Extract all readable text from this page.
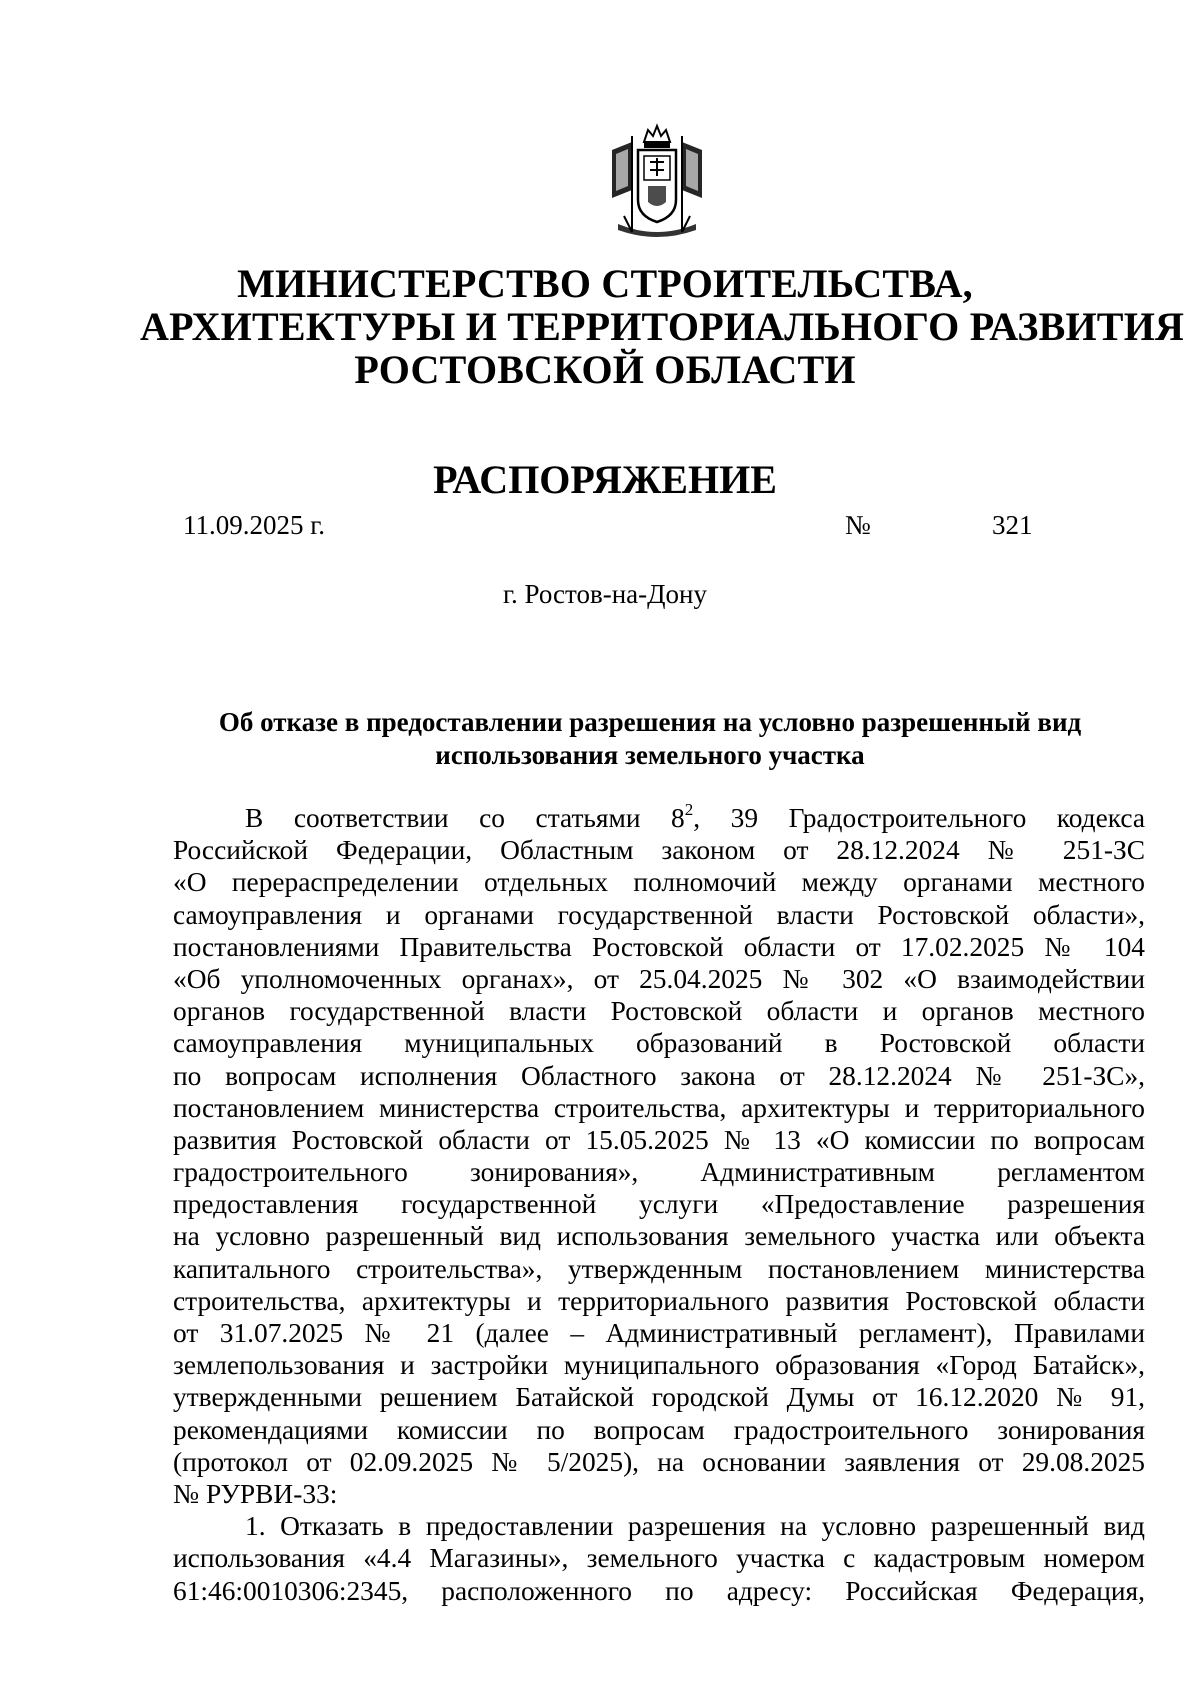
МИНИСТЕРСТВО СТРОИТЕЛЬСТВА,
АРХИТЕКТУРЫ И ТЕРРИТОРИАЛЬНОГО РАЗВИТИЯ
РОСТОВСКОЙ ОБЛАСТИ
РАСПОРЯЖЕНИЕ
11.09.2025 г.	№	321
г. Ростов-на-Дону
Об отказе в предоставлении разрешения на условно разрешенный вид
использования земельного участка
В соответствии со статьями $8^2$, 39 Градостроительного кодекса
Российской Федерации, Областным законом от 28.12.2024 № 251-ЗС
«О перераспределении отдельных полномочий между органами местного
самоуправления и органами государственной власти Ростовской области»,
постановлениями Правительства Ростовской области от 17.02.2025 № 104
«Об уполномоченных органах», от 25.04.2025 № 302 «О взаимодействии
органов государственной власти Ростовской области и органов местного
самоуправления муниципальных образований в Ростовской области
по вопросам исполнения Областного закона от 28.12.2024 № 251-ЗС»,
постановлением министерства строительства, архитектуры и территориального
развития Ростовской области от 15.05.2025 № 13 «О комиссии по вопросам
градостроительного зонирования», Административным регламентом
предоставления государственной услуги «Предоставление разрешения
на условно разрешенный вид использования земельного участка или объекта
капитального строительства», утвержденным постановлением министерства
строительства, архитектуры и территориального развития Ростовской области
от 31.07.2025 № 21 (далее – Административный регламент), Правилами
землепользования и застройки муниципального образования «Город Батайск»,
утвержденными решением Батайской городской Думы от 16.12.2020 № 91,
рекомендациями комиссии по вопросам градостроительного зонирования
(протокол от 02.09.2025 № 5/2025), на основании заявления от 29.08.2025
№ РУРВИ-33:
1. Отказать в предоставлении разрешения на условно разрешенный вид
использования «4.4 Магазины», земельного участка с кадастровым номером
61:46:0010306:2345, расположенного по адресу: Российская Федерация,
